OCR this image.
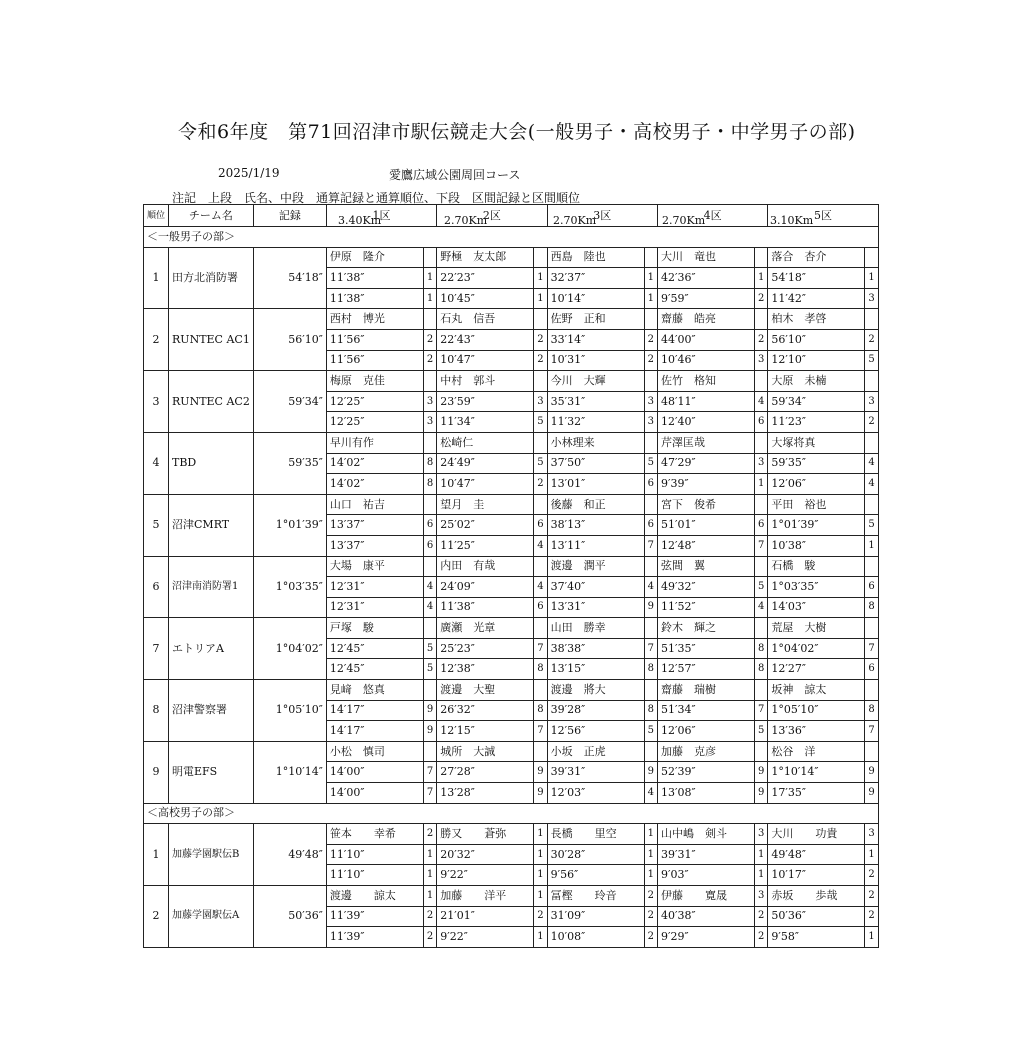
令和6年度　第71回沼津市駅伝競走大会(一般男子・高校男子・中学男子の部)
2025/1/19	愛鷹広域公園周回コース
注記　上段　氏名、中段　通算記録と通算順位、下段　区間記録と区間順位
3.40Km	2.70Km	2.70Km	2.70Km	3.10Km
順位	チーム名	記録	1区		2区		3区		4区		5区	
＜一般男子の部＞												
1	田方北消防署	54′18″	伊原　隆介		野極　友太郎		西島　陸也		大川　竜也		落合　杏介	
			11′38″	1	22′23″	1	32′37″	1	42′36″	1	54′18″	1
			11′38″	1	10′45″	1	10′14″	1	9′59″	2	11′42″	3
2	RUNTEC AC1	56′10″	西村　博光		石丸　信吾		佐野　正和		齋藤　皓亮		柏木　孝啓	
			11′56″	2	22′43″	2	33′14″	2	44′00″	2	56′10″	2
			11′56″	2	10′47″	2	10′31″	2	10′46″	3	12′10″	5
3	RUNTEC AC2	59′34″	梅原　克佳		中村　郭斗		今川　大輝		佐竹　格知		大原　未楠	
			12′25″	3	23′59″	3	35′31″	3	48′11″	4	59′34″	3
			12′25″	3	11′34″	5	11′32″	3	12′40″	6	11′23″	2
4	TBD	59′35″	早川有作		松崎仁		小林理来		芹澤匡哉		大塚将真	
			14′02″	8	24′49″	5	37′50″	5	47′29″	3	59′35″	4
			14′02″	8	10′47″	2	13′01″	6	9′39″	1	12′06″	4
5	沼津CMRT	1°01′39″	山口　祐吉		望月　圭		後藤　和正		宮下　俊希		平田　裕也	
			13′37″	6	25′02″	6	38′13″	6	51′01″	6	1°01′39″	5
			13′37″	6	11′25″	4	13′11″	7	12′48″	7	10′38″	1
6	沼津南消防署1	1°03′35″	大場　康平		内田　有哉		渡邊　潤平		弦間　翼		石橋　駿	
			12′31″	4	24′09″	4	37′40″	4	49′32″	5	1°03′35″	6
			12′31″	4	11′38″	6	13′31″	9	11′52″	4	14′03″	8
7	エトリアA	1°04′02″	戸塚　駿		廣瀬　光章		山田　勝幸		鈴木　輝之		荒屋　大樹	
			12′45″	5	25′23″	7	38′38″	7	51′35″	8	1°04′02″	7
			12′45″	5	12′38″	8	13′15″	8	12′57″	8	12′27″	6
8	沼津警察署	1°05′10″	見﨑　悠真		渡邊　大聖		渡邊　將大		齋藤　瑞樹		坂神　諒太	
			14′17″	9	26′32″	8	39′28″	8	51′34″	7	1°05′10″	8
			14′17″	9	12′15″	7	12′56″	5	12′06″	5	13′36″	7
9	明電EFS	1°10′14″	小松　慎司		城所　大誠		小坂　正虎		加藤　克彦		松谷　洋	
			14′00″	7	27′28″	9	39′31″	9	52′39″	9	1°10′14″	9
			14′00″	7	13′28″	9	12′03″	4	13′08″	9	17′35″	9
＜高校男子の部＞												
1	加藤学園駅伝B	49′48″	笹本　　幸希	2	勝又　　蒼弥	1	長橋　　里空	1	山中嶋　剣斗	3	大川　　功貴	3
			11′10″	1	20′32″	1	30′28″	1	39′31″	1	49′48″	1
			11′10″	1	9′22″	1	9′56″	1	9′03″	1	10′17″	2
2	加藤学園駅伝A	50′36″	渡邊　　諒太	1	加藤　　洋平	1	冨樫　　玲音	2	伊藤　　寛晟	3	赤坂　　歩哉	2
			11′39″	2	21′01″	2	31′09″	2	40′38″	2	50′36″	2
			11′39″	2	9′22″	1	10′08″	2	9′29″	2	9′58″	1
